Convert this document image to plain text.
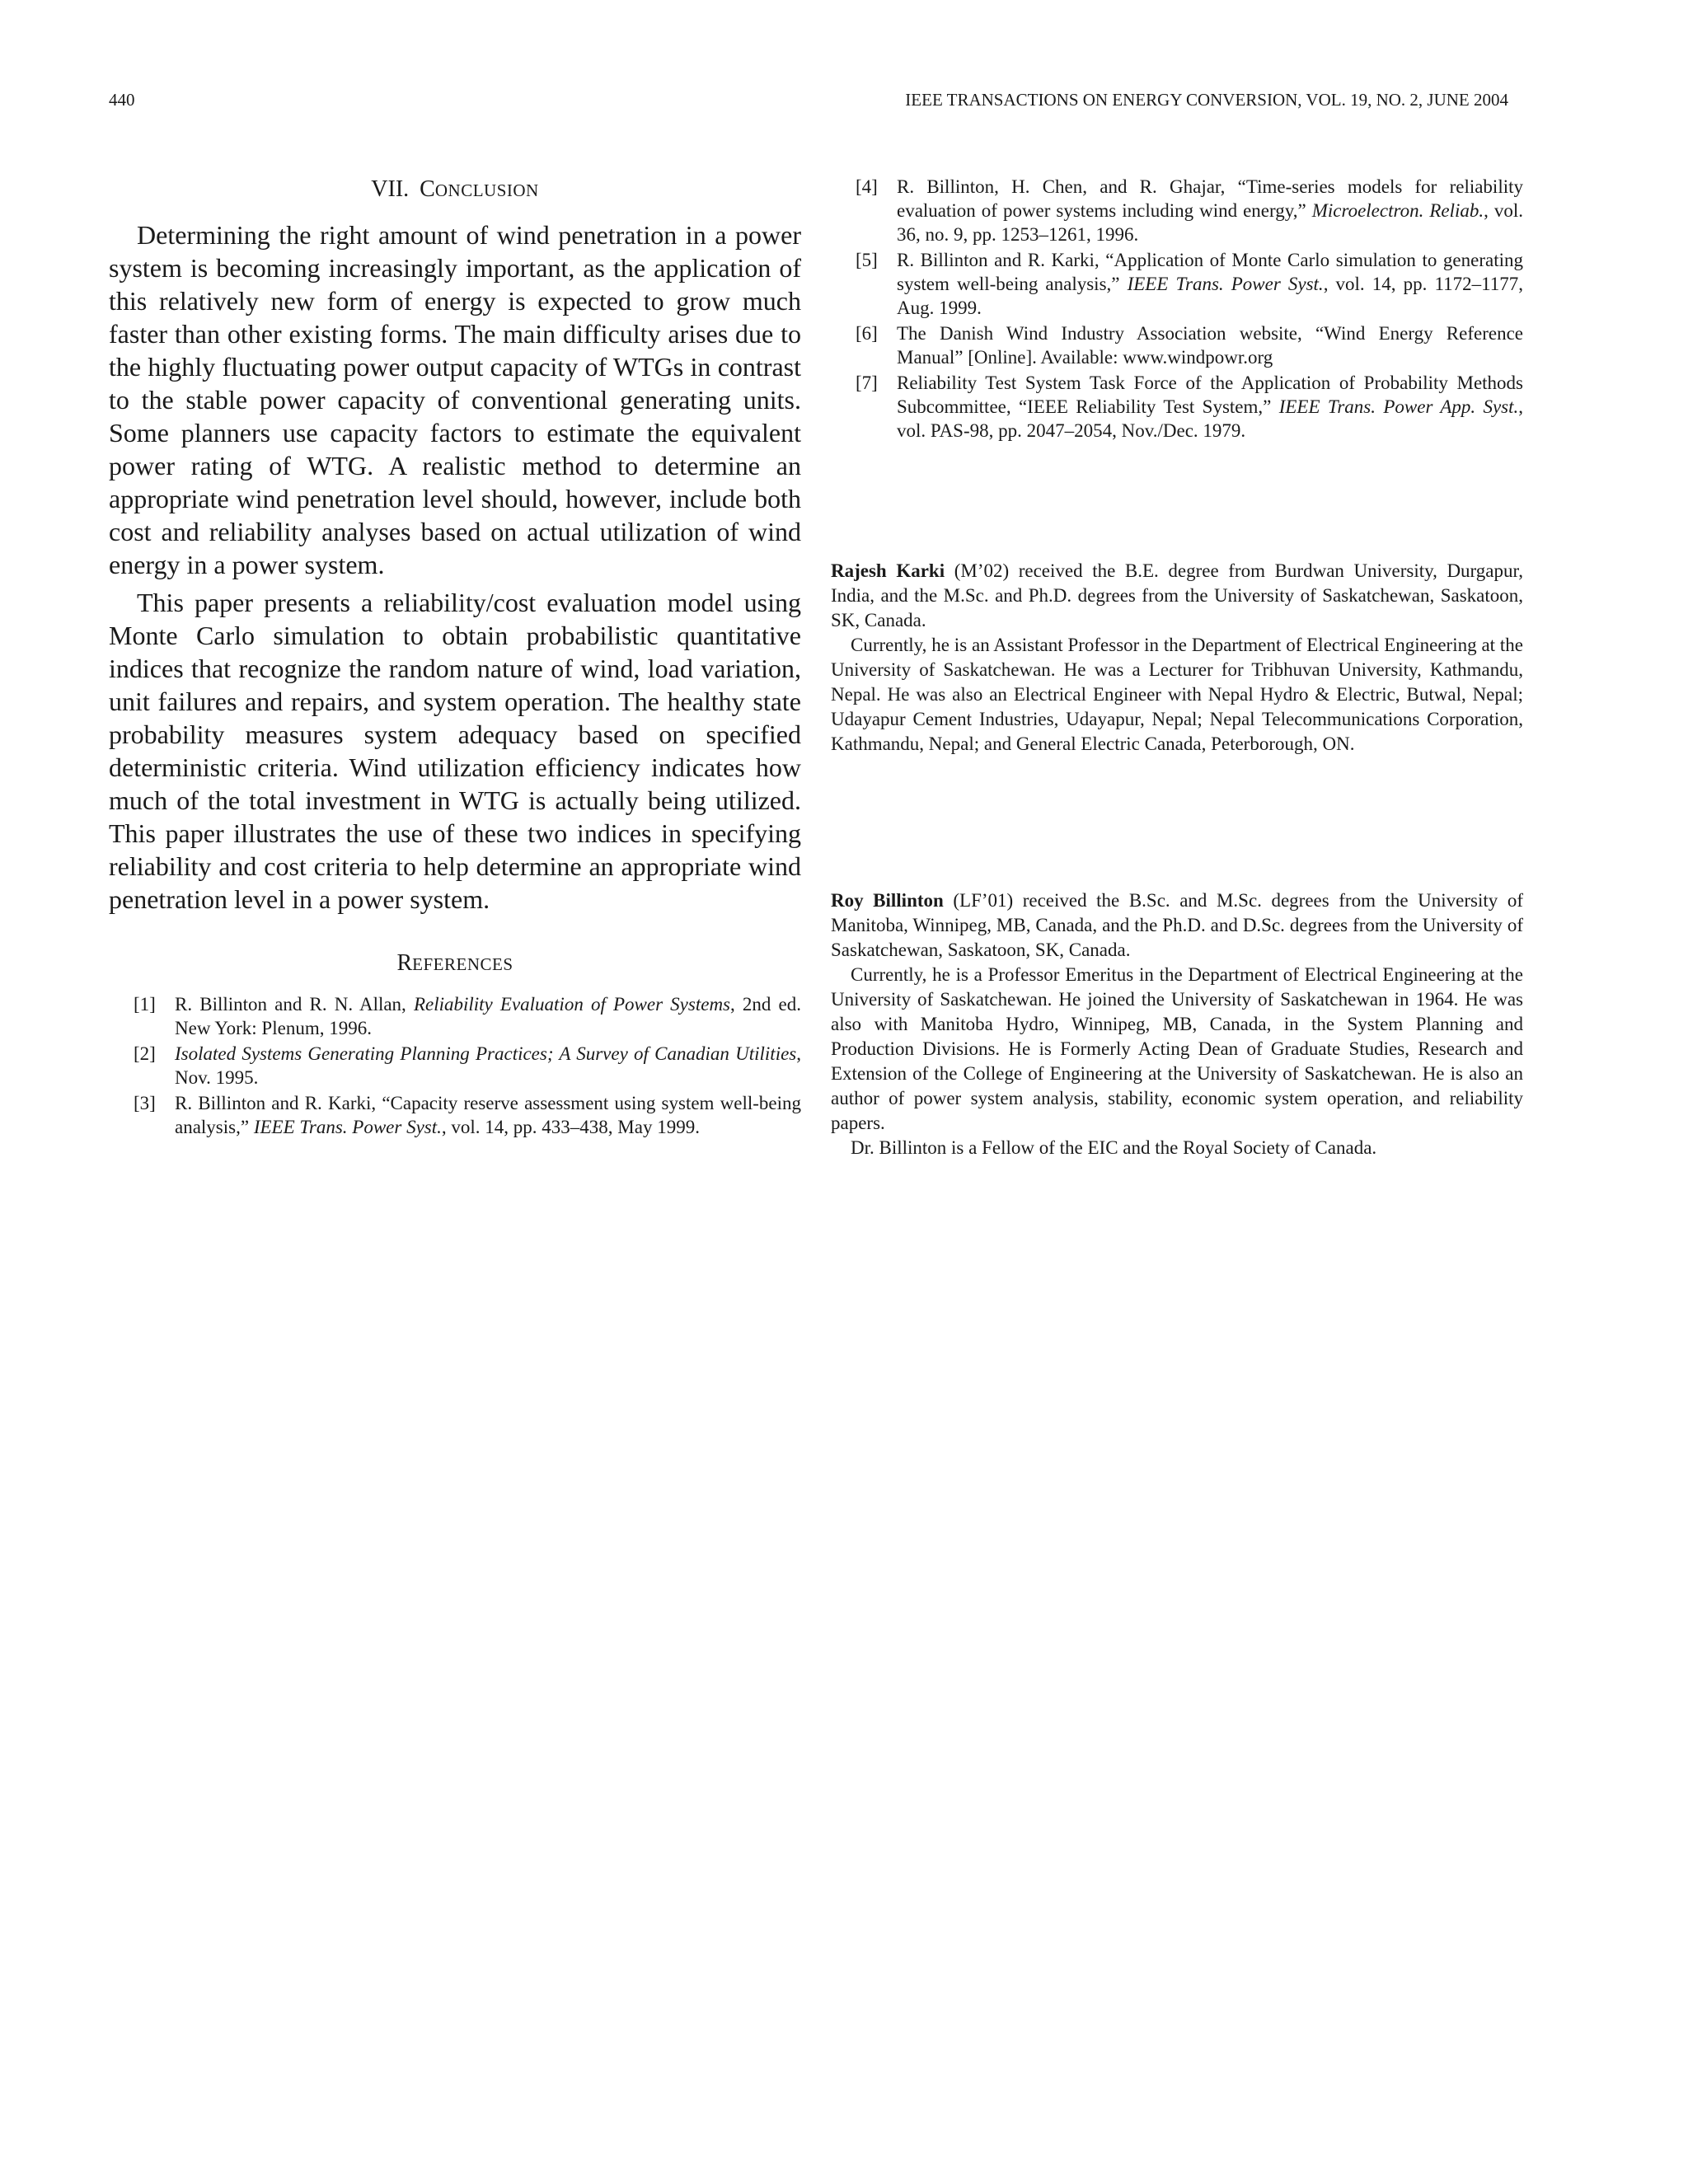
440	IEEE TRANSACTIONS ON ENERGY CONVERSION, VOL. 19, NO. 2, JUNE 2004
VII. CONCLUSION

Determining the right amount of wind penetration in a power system is becoming increasingly important, as the application of this relatively new form of energy is expected to grow much faster than other existing forms. The main difficulty arises due to the highly fluctuating power output capacity of WTGs in contrast to the stable power capacity of conventional generating units. Some planners use capacity factors to estimate the equivalent power rating of WTG. A realistic method to determine an appropriate wind penetration level should, however, include both cost and reliability analyses based on actual utilization of wind energy in a power system.

This paper presents a reliability/cost evaluation model using Monte Carlo simulation to obtain probabilistic quantitative indices that recognize the random nature of wind, load variation, unit failures and repairs, and system operation. The healthy state probability measures system adequacy based on specified deterministic criteria. Wind utilization efficiency indicates how much of the total investment in WTG is actually being utilized. This paper illustrates the use of these two indices in specifying reliability and cost criteria to help determine an appropriate wind penetration level in a power system.

REFERENCES
[1] R. Billinton and R. N. Allan, Reliability Evaluation of Power Systems, 2nd ed. New York: Plenum, 1996.
[2] Isolated Systems Generating Planning Practices; A Survey of Canadian Utilities, Nov. 1995.
[3] R. Billinton and R. Karki, “Capacity reserve assessment using system well-being analysis,” IEEE Trans. Power Syst., vol. 14, pp. 433–438, May 1999.
[4] R. Billinton, H. Chen, and R. Ghajar, “Time-series models for reliability evaluation of power systems including wind energy,” Microelectron. Reliab., vol. 36, no. 9, pp. 1253–1261, 1996.
[5] R. Billinton and R. Karki, “Application of Monte Carlo simulation to generating system well-being analysis,” IEEE Trans. Power Syst., vol. 14, pp. 1172–1177, Aug. 1999.
[6] The Danish Wind Industry Association website, “Wind Energy Reference Manual” [Online]. Available: www.windpowr.org
[7] Reliability Test System Task Force of the Application of Probability Methods Subcommittee, “IEEE Reliability Test System,” IEEE Trans. Power App. Syst., vol. PAS-98, pp. 2047–2054, Nov./Dec. 1979.

Rajesh Karki (M’02) received the B.E. degree from Burdwan University, Durgapur, India, and the M.Sc. and Ph.D. degrees from the University of Saskatchewan, Saskatoon, SK, Canada.

Currently, he is an Assistant Professor in the Department of Electrical Engineering at the University of Saskatchewan. He was a Lecturer for Tribhuvan University, Kathmandu, Nepal. He was also an Electrical Engineer with Nepal Hydro & Electric, Butwal, Nepal; Udayapur Cement Industries, Udayapur, Nepal; Nepal Telecommunications Corporation, Kathmandu, Nepal; and General Electric Canada, Peterborough, ON.

Roy Billinton (LF’01) received the B.Sc. and M.Sc. degrees from the University of Manitoba, Winnipeg, MB, Canada, and the Ph.D. and D.Sc. degrees from the University of Saskatchewan, Saskatoon, SK, Canada.

Currently, he is a Professor Emeritus in the Department of Electrical Engineering at the University of Saskatchewan. He joined the University of Saskatchewan in 1964. He was also with Manitoba Hydro, Winnipeg, MB, Canada, in the System Planning and Production Divisions. He is Formerly Acting Dean of Graduate Studies, Research and Extension of the College of Engineering at the University of Saskatchewan. He is also an author of power system analysis, stability, economic system operation, and reliability papers.

Dr. Billinton is a Fellow of the EIC and the Royal Society of Canada.
